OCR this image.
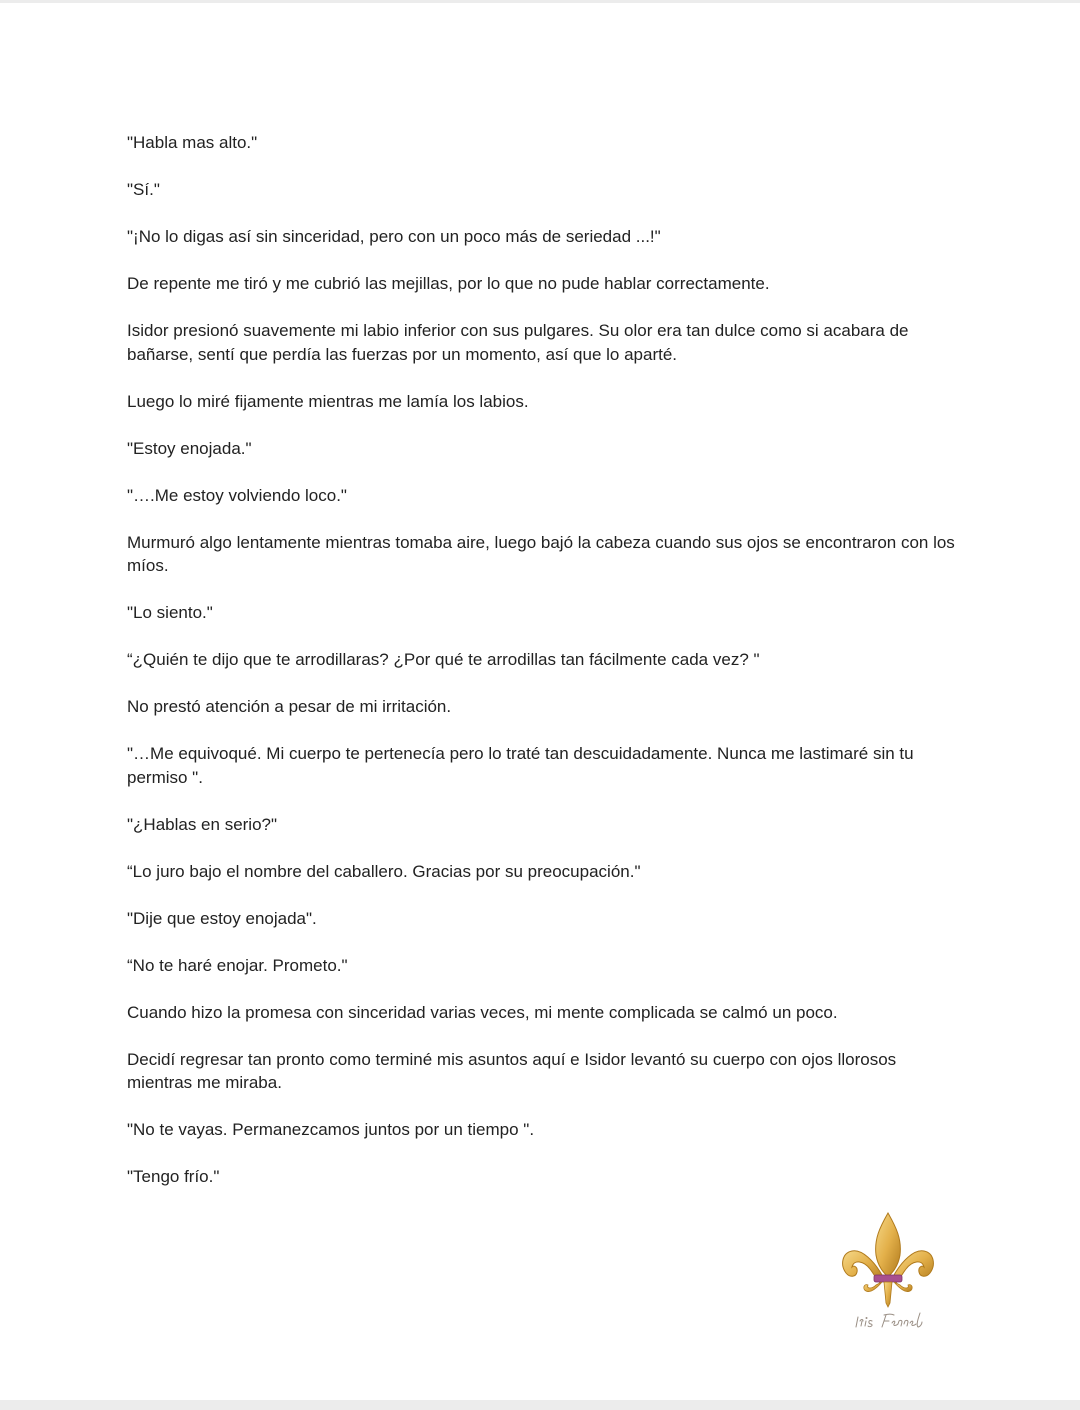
"Habla mas alto."

"Sí."

"¡No lo digas así sin sinceridad, pero con un poco más de seriedad ...!"

De repente me tiró y me cubrió las mejillas, por lo que no pude hablar correctamente.

Isidor presionó suavemente mi labio inferior con sus pulgares. Su olor era tan dulce como si acabara de bañarse, sentí que perdía las fuerzas por un momento, así que lo aparté.

Luego lo miré fijamente mientras me lamía los labios.

"Estoy enojada."

"….Me estoy volviendo loco."

Murmuró algo lentamente mientras tomaba aire, luego bajó la cabeza cuando sus ojos se encontraron con los míos.

"Lo siento."

“¿Quién te dijo que te arrodillaras? ¿Por qué te arrodillas tan fácilmente cada vez? "

No prestó atención a pesar de mi irritación.

"…Me equivoqué. Mi cuerpo te pertenecía pero lo traté tan descuidadamente. Nunca me lastimaré sin tu permiso ".

"¿Hablas en serio?"

“Lo juro bajo el nombre del caballero. Gracias por su preocupación."

"Dije que estoy enojada".

“No te haré enojar. Prometo."

Cuando hizo la promesa con sinceridad varias veces, mi mente complicada se calmó un poco.

Decidí regresar tan pronto como terminé mis asuntos aquí e Isidor levantó su cuerpo con ojos llorosos mientras me miraba.

"No te vayas. Permanezcamos juntos por un tiempo ".

"Tengo frío."
